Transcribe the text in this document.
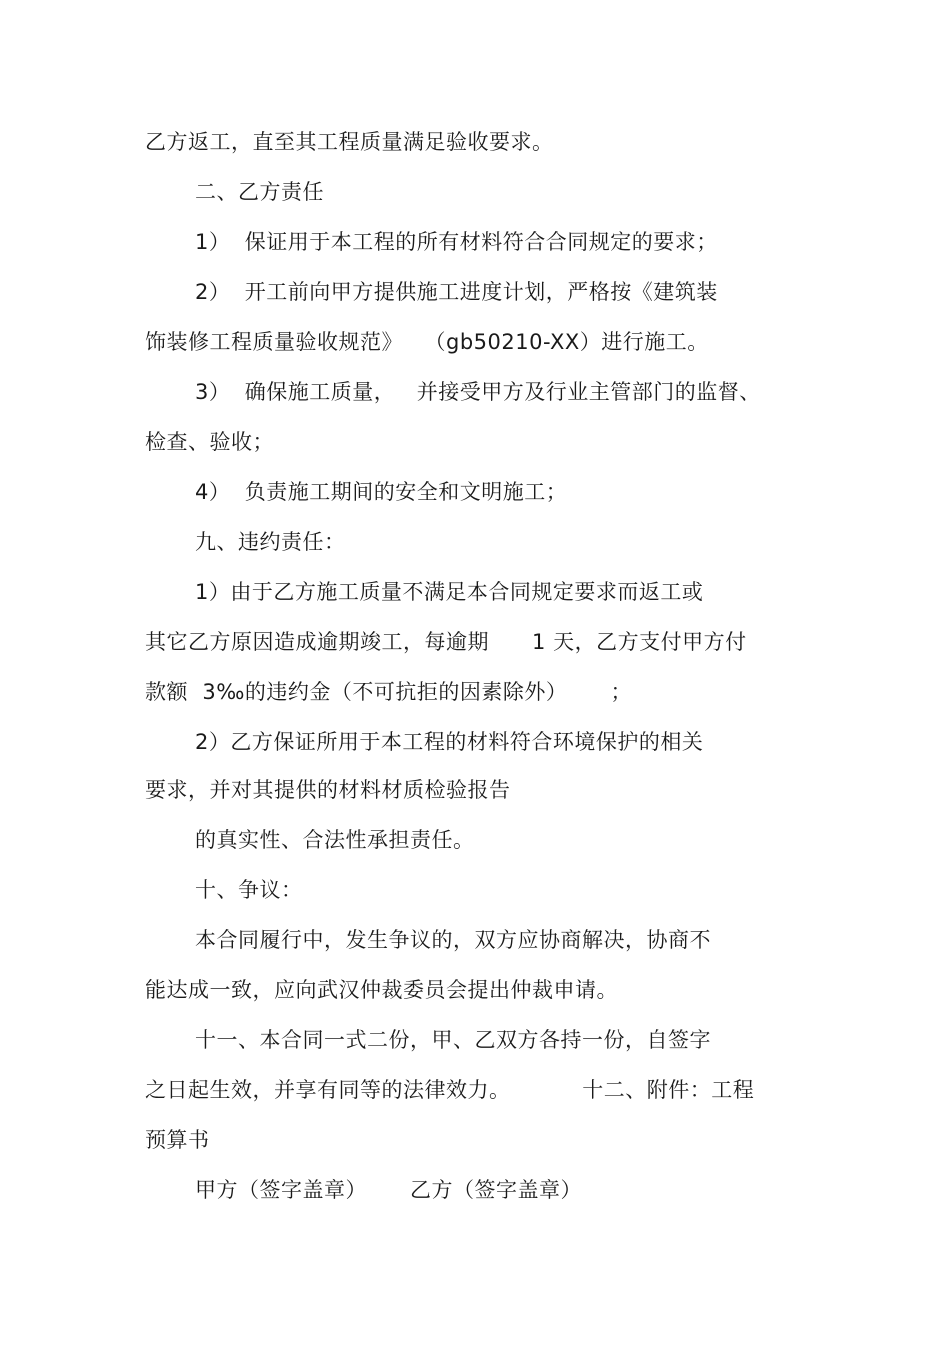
乙方返工，直至其工程质量满足验收要求。
二、乙方责任
1）  保证用于本工程的所有材料符合合同规定的要求；
2）  开工前向甲方提供施工进度计划，严格按《建筑装
饰装修工程质量验收规范》   （gb50210-XX）进行施工。
3）  确保施工质量，   并接受甲方及行业主管部门的监督、
检查、验收；
4）  负责施工期间的安全和文明施工；
九、违约责任：
1）由于乙方施工质量不满足本合同规定要求而返工或
其它乙方原因造成逾期竣工，每逾期      1 天，乙方支付甲方付
款额  3‰的违约金（不可抗拒的因素除外）      ；
2）乙方保证所用于本工程的材料符合环境保护的相关
要求，并对其提供的材料材质检验报告
的真实性、合法性承担责任。
十、争议：
本合同履行中，发生争议的，双方应协商解决，协商不
能达成一致，应向武汉仲裁委员会提出仲裁申请。
十一、本合同一式二份，甲、乙双方各持一份，自签字
之日起生效，并享有同等的法律效力。          十二、附件：工程
预算书
甲方（签字盖章）      乙方（签字盖章）
